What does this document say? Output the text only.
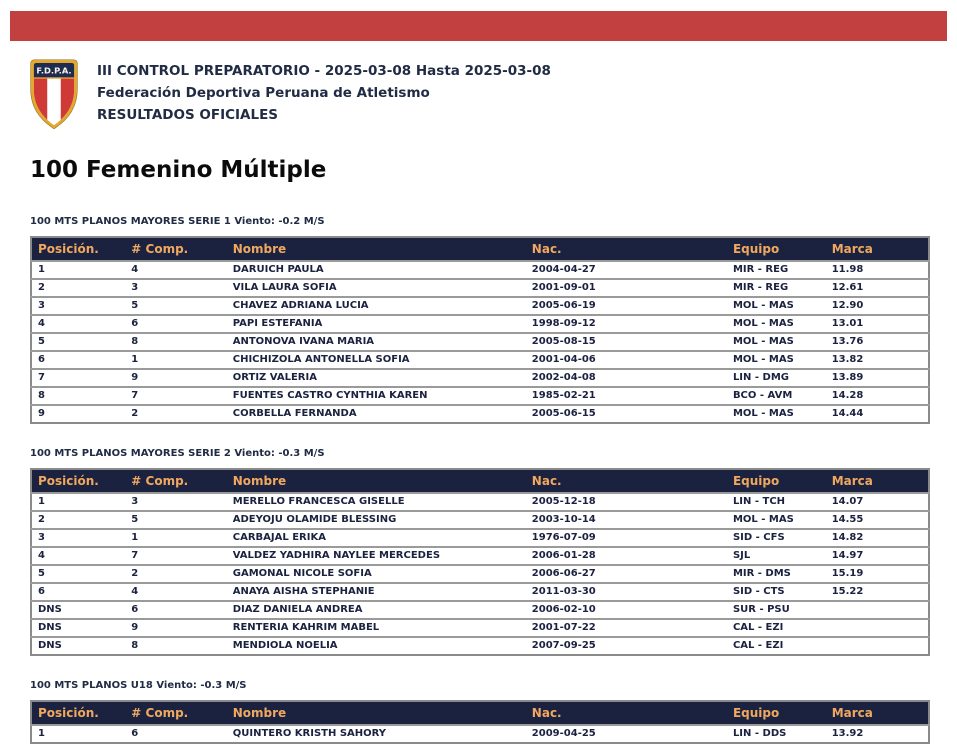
F.D.P.A. III CONTROL PREPARATORIO - 2025-03-08 Hasta 2025-03-08
Federación Deportiva Peruana de Atletismo
RESULTADOS OFICIALES
100 Femenino Múltiple
100 MTS PLANOS MAYORES SERIE 1 Viento: -0.2 M/S
Posición.	# Comp.	Nombre	Nac.	Equipo	Marca
1	4	DARUICH PAULA	2004-04-27	MIR - REG	11.98
2	3	VILA LAURA SOFIA	2001-09-01	MIR - REG	12.61
3	5	CHAVEZ ADRIANA LUCIA	2005-06-19	MOL - MAS	12.90
4	6	PAPI ESTEFANIA	1998-09-12	MOL - MAS	13.01
5	8	ANTONOVA IVANA MARIA	2005-08-15	MOL - MAS	13.76
6	1	CHICHIZOLA ANTONELLA SOFIA	2001-04-06	MOL - MAS	13.82
7	9	ORTIZ VALERIA	2002-04-08	LIN - DMG	13.89
8	7	FUENTES CASTRO CYNTHIA KAREN	1985-02-21	BCO - AVM	14.28
9	2	CORBELLA FERNANDA	2005-06-15	MOL - MAS	14.44
100 MTS PLANOS MAYORES SERIE 2 Viento: -0.3 M/S
Posición.	# Comp.	Nombre	Nac.	Equipo	Marca
1	3	MERELLO FRANCESCA GISELLE	2005-12-18	LIN - TCH	14.07
2	5	ADEYOJU OLAMIDE BLESSING	2003-10-14	MOL - MAS	14.55
3	1	CARBAJAL ERIKA	1976-07-09	SID - CFS	14.82
4	7	VALDEZ YADHIRA NAYLEE MERCEDES	2006-01-28	SJL	14.97
5	2	GAMONAL NICOLE SOFIA	2006-06-27	MIR - DMS	15.19
6	4	ANAYA AISHA STEPHANIE	2011-03-30	SID - CTS	15.22
DNS	6	DIAZ DANIELA ANDREA	2006-02-10	SUR - PSU	
DNS	9	RENTERIA KAHRIM MABEL	2001-07-22	CAL - EZI	
DNS	8	MENDIOLA NOELIA	2007-09-25	CAL - EZI	
100 MTS PLANOS U18 Viento: -0.3 M/S
Posición.	# Comp.	Nombre	Nac.	Equipo	Marca
1	6	QUINTERO KRISTH SAHORY	2009-04-25	LIN - DDS	13.92
